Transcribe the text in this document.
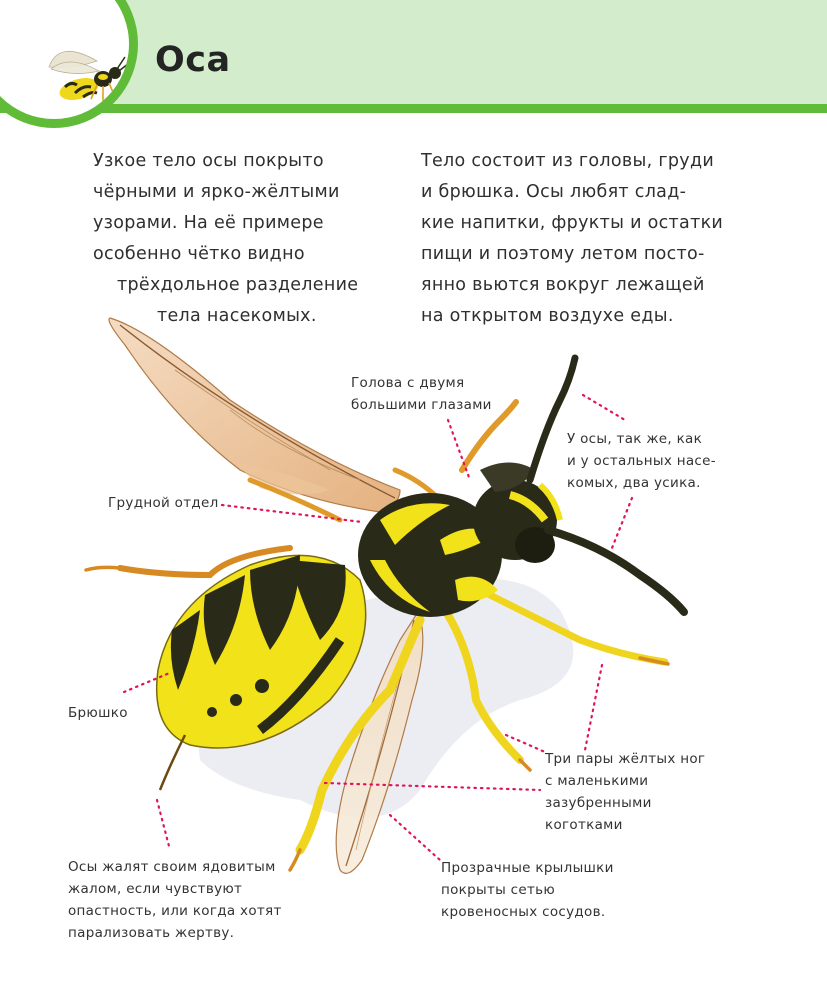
Оса
Узкое тело осы покрыто
чёрными и ярко-жёлтыми
узорами. На её примере
особенно чётко видно
трёхдольное разделение
тела насекомых.
Тело состоит из головы, груди
и брюшка. Осы любят слад-
кие напитки, фрукты и остатки
пищи и поэтому летом посто-
янно вьются вокруг лежащей
на открытом воздухе еды.
Голова с двумя
большими глазами
У осы, так же, как
и у остальных насе-
комых, два усика.
Грудной отдел
Брюшко
Три пары жёлтых ног
с маленькими
зазубренными
коготками
Осы жалят своим ядовитым
жалом, если чувствуют
опастность, или когда хотят
парализовать жертву.
Прозрачные крылышки
покрыты сетью
кровеносных сосудов.
